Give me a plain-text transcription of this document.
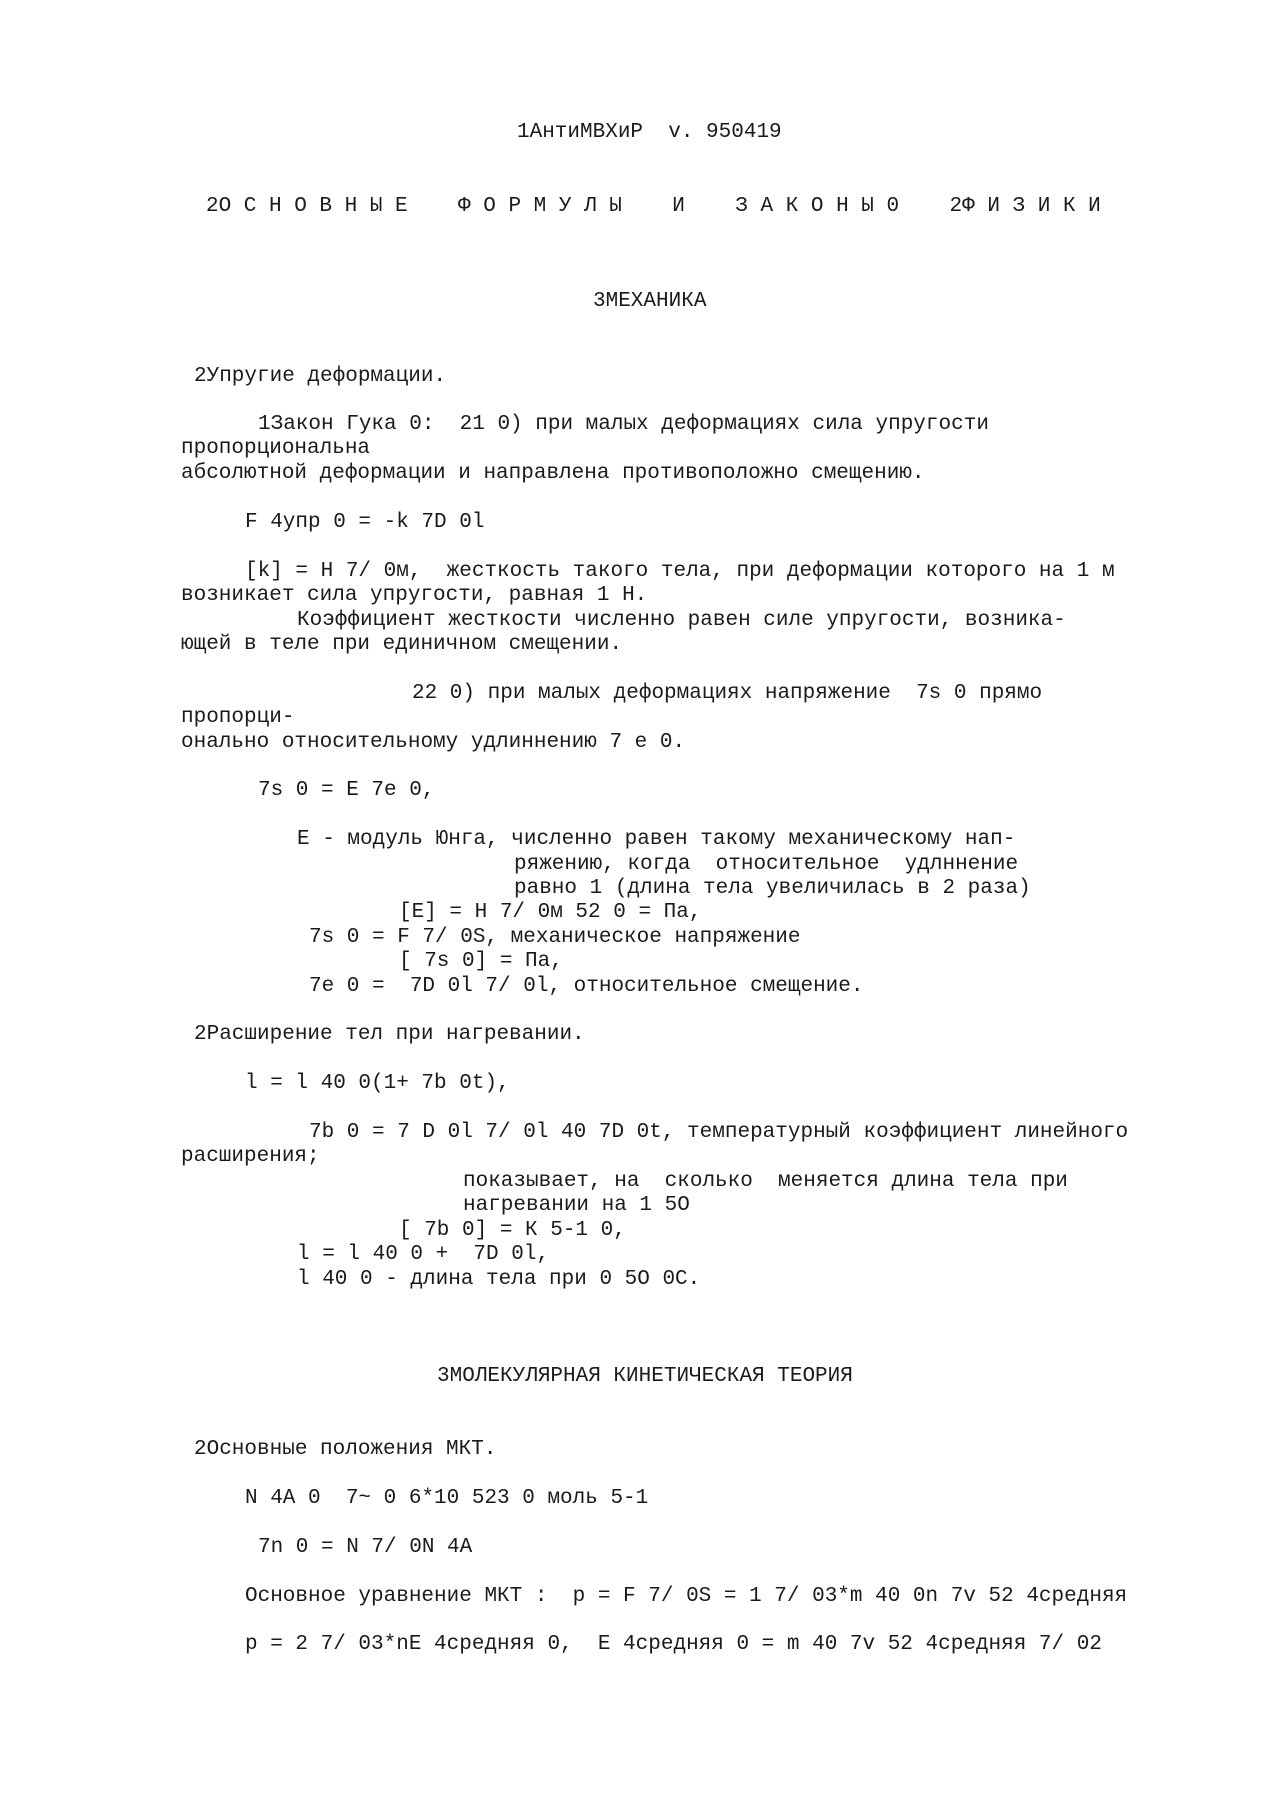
1АнтиМВХиР  v. 950419
2О С Н О В Н Ы Е    Ф О Р М У Л Ы    И    З А К О Н Ы 0    2Ф И З И К И
3МЕХАНИКА
2Упругие деформации.
1Закон Гука 0:  21 0) при малых деформациях сила упругости
пропорциональна
абсолютной деформации и направлена противоположно смещению.
F 4упр 0 = -k 7D 0l
[k] = Н 7/ 0м,  жесткость такого тела, при деформации которого на 1 м
возникает сила упругости, равная 1 Н.
Коэффициент жесткости численно равен силе упругости, возника-
ющей в теле при единичном смещении.
22 0) при малых деформациях напряжение  7s 0 прямо
пропорци-
онально относительному удлиннению 7 e 0.
7s 0 = E 7e 0,
E - модуль Юнга, численно равен такому механическому нап-
ряжению, когда  относительное  удлннение
равно 1 (длина тела увеличилась в 2 раза)
[E] = Н 7/ 0м 52 0 = Па,
7s 0 = F 7/ 0S, механическое напряжение
[ 7s 0] = Па,
7e 0 =  7D 0l 7/ 0l, относительное смещение.
2Расширение тел при нагревании.
l = l 40 0(1+ 7b 0t),
7b 0 = 7 D 0l 7/ 0l 40 7D 0t, температурный коэффициент линейного
расширения;
показывает, на  сколько  меняется длина тела при
нагревании на 1 5O
[ 7b 0] = К 5-1 0,
l = l 40 0 +  7D 0l,
l 40 0 - длина тела при 0 5O 0C.
3МОЛЕКУЛЯРНАЯ КИНЕТИЧЕСКАЯ ТЕОРИЯ
2Основные положения МКТ.
N 4A 0  7~ 0 6*10 523 0 моль 5-1
7n 0 = N 7/ 0N 4A
Основное уравнение МКТ :  p = F 7/ 0S = 1 7/ 03*m 40 0n 7v 52 4средняя
p = 2 7/ 03*nE 4средняя 0,  E 4средняя 0 = m 40 7v 52 4средняя 7/ 02
